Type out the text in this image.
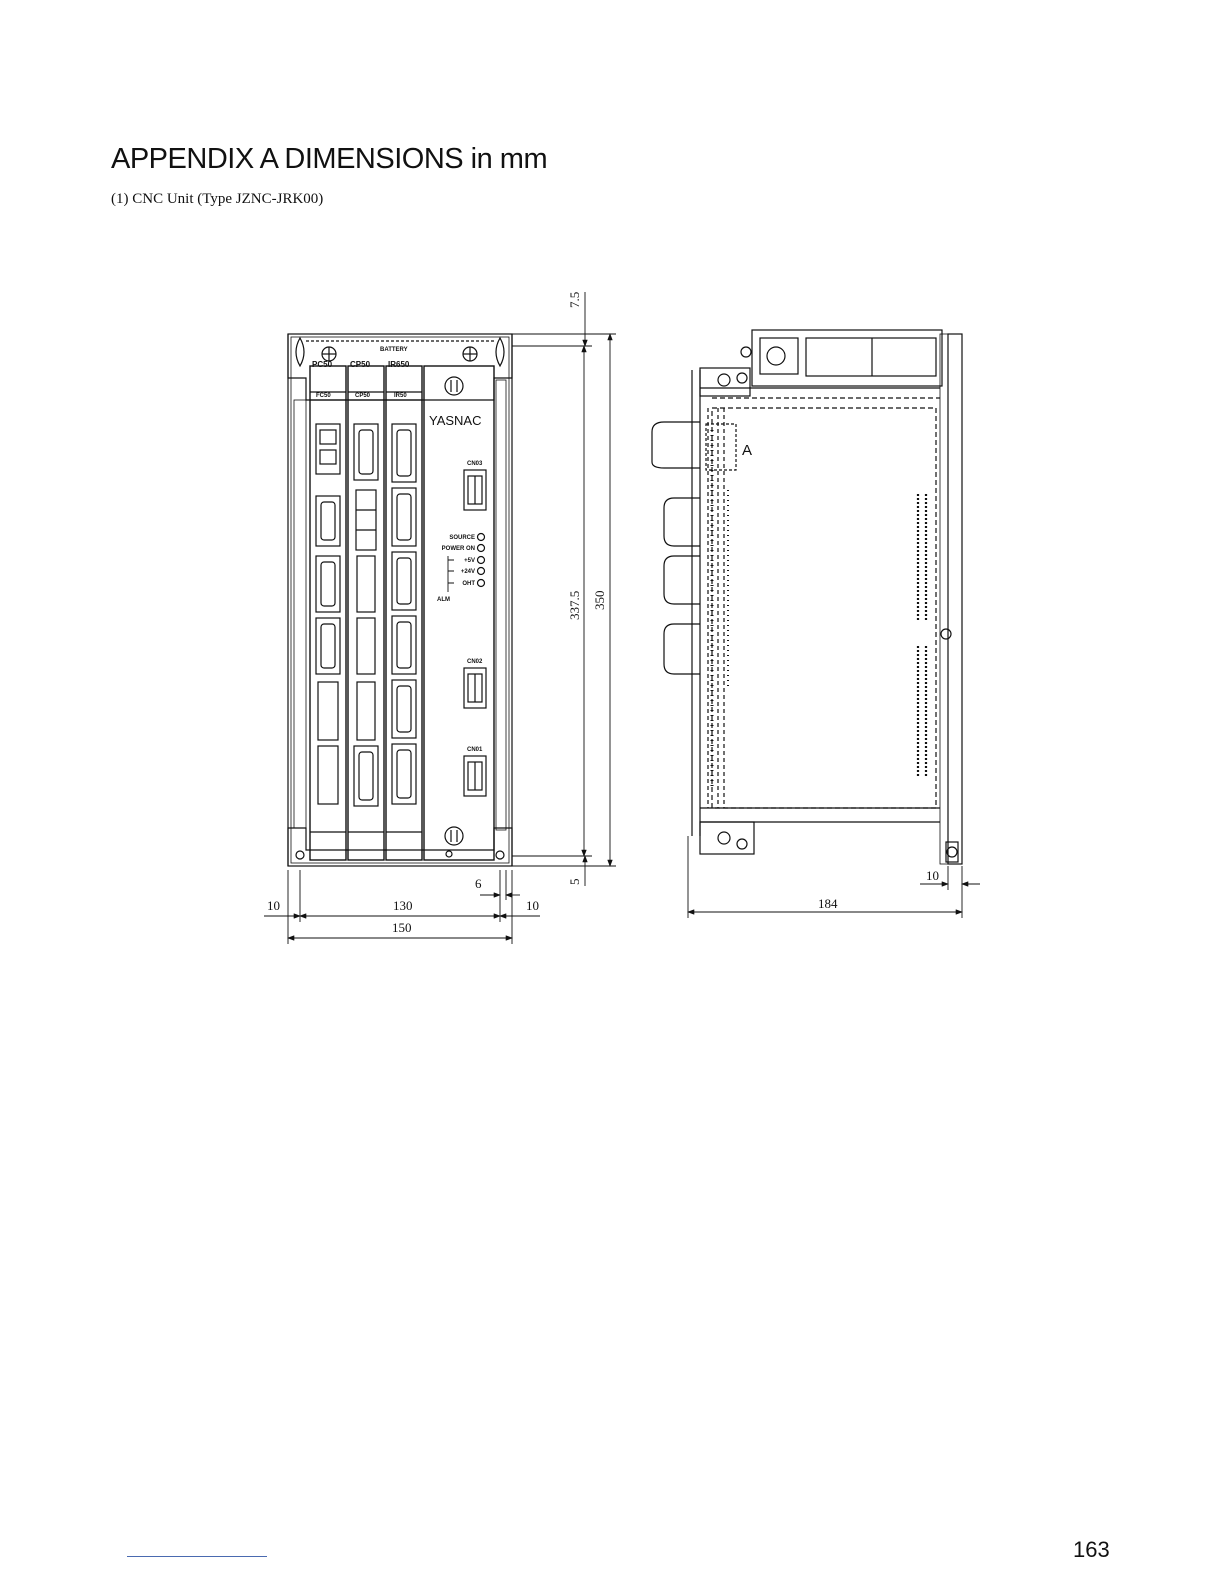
APPENDIX A DIMENSIONS in mm

(1) CNC Unit (Type JZNC-JRK00)

BATTERY
PC50 CP50 IR650
FC50	CP50	IR50
YASNAC
CN03
CN02
CN01
SOURCE
POWER ON
+5V
+24V
OHT
ALM
7.5
337.5 350
5
10	130	10
150
6
A
184
10
163
